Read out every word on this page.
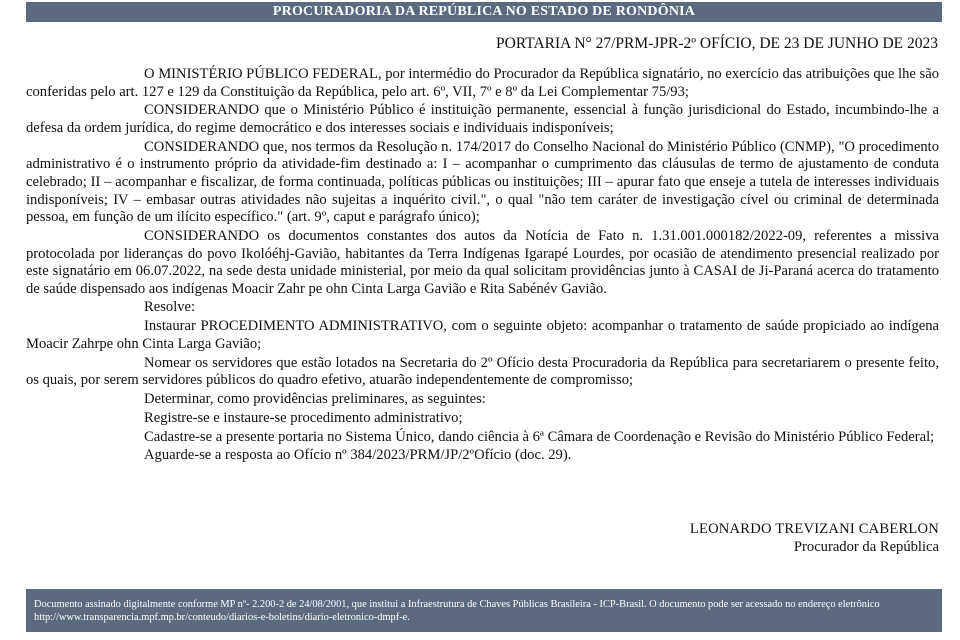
PROCURADORIA DA REPÚBLICA NO ESTADO DE RONDÔNIA
PORTARIA N° 27/PRM-JPR-2º OFÍCIO, DE 23 DE JUNHO DE 2023

O MINISTÉRIO PÚBLICO FEDERAL, por intermédio do Procurador da República signatário, no exercício das atribuições que lhe são conferidas pelo art. 127 e 129 da Constituição da República, pelo art. 6º, VII, 7º e 8º da Lei Complementar 75/93;

CONSIDERANDO que o Ministério Público é instituição permanente, essencial à função jurisdicional do Estado, incumbindo-lhe a defesa da ordem jurídica, do regime democrático e dos interesses sociais e individuais indisponíveis;

CONSIDERANDO que, nos termos da Resolução n. 174/2017 do Conselho Nacional do Ministério Público (CNMP), "O procedimento administrativo é o instrumento próprio da atividade-fim destinado a: I – acompanhar o cumprimento das cláusulas de termo de ajustamento de conduta celebrado; II – acompanhar e fiscalizar, de forma continuada, políticas públicas ou instituições; III – apurar fato que enseje a tutela de interesses individuais indisponíveis; IV – embasar outras atividades não sujeitas a inquérito civil.", o qual "não tem caráter de investigação cível ou criminal de determinada pessoa, em função de um ilícito específico." (art. 9º, caput e parágrafo único);

CONSIDERANDO os documentos constantes dos autos da Notícia de Fato n. 1.31.001.000182/2022-09, referentes a missiva protocolada por lideranças do povo Ikolóéhj-Gavião, habitantes da Terra Indígenas Igarapé Lourdes, por ocasião de atendimento presencial realizado por este signatário em 06.07.2022, na sede desta unidade ministerial, por meio da qual solicitam providências junto à CASAI de Ji-Paraná acerca do tratamento de saúde dispensado aos indígenas Moacir Zahr pe ohn Cinta Larga Gavião e Rita Sabénév Gavião.

Resolve:

Instaurar PROCEDIMENTO ADMINISTRATIVO, com o seguinte objeto: acompanhar o tratamento de saúde propiciado ao indígena Moacir Zahrpe ohn Cinta Larga Gavião;

Nomear os servidores que estão lotados na Secretaria do 2º Ofício desta Procuradoria da República para secretariarem o presente feito, os quais, por serem servidores públicos do quadro efetivo, atuarão independentemente de compromisso;

Determinar, como providências preliminares, as seguintes:

Registre-se e instaure-se procedimento administrativo;

Cadastre-se a presente portaria no Sistema Único, dando ciência à 6ª Câmara de Coordenação e Revisão do Ministério Público Federal;

Aguarde-se a resposta ao Ofício nº 384/2023/PRM/JP/2ºOfício (doc. 29).

LEONARDO TREVIZANI CABERLON
Procurador da República
Documento assinado digitalmente conforme MP nº- 2.200-2 de 24/08/2001, que institui a Infraestrutura de Chaves Públicas Brasileira - ICP-Brasil. O documento pode ser acessado no endereço eletrônico http://www.transparencia.mpf.mp.br/conteudo/diarios-e-boletins/diario-eletronico-dmpf-e.
